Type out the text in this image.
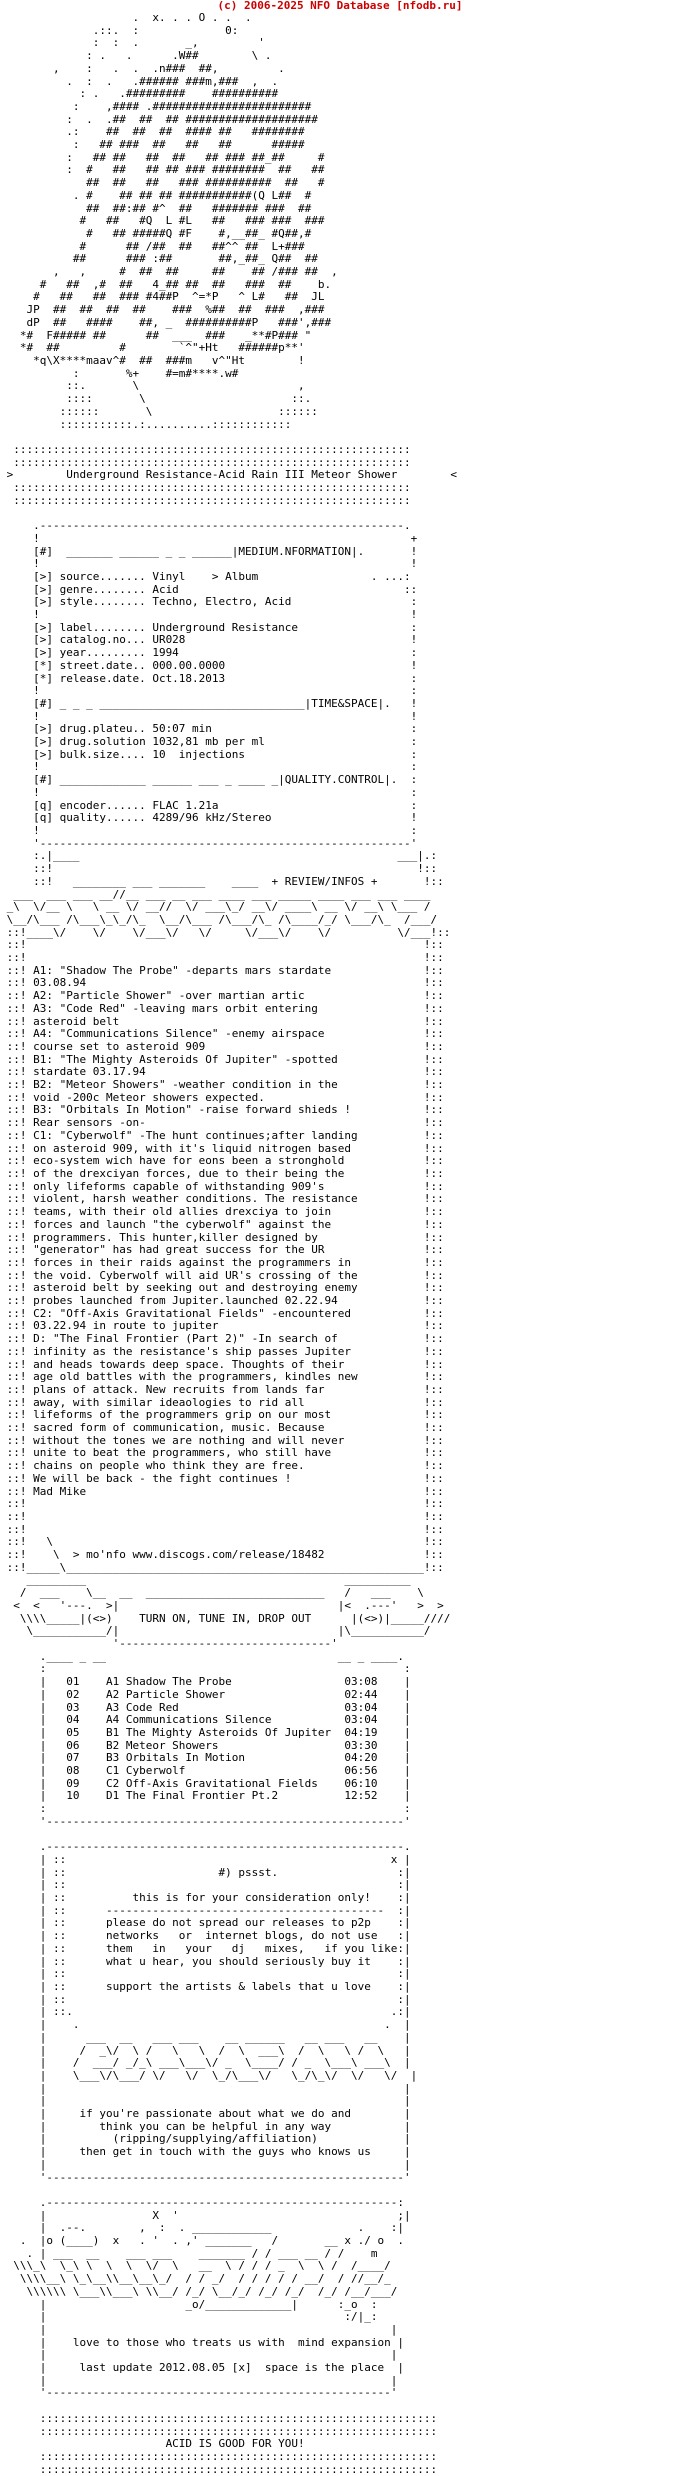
(c) 2006-2025 NFO Database [nfodb.ru]
.  x. . . O . .  .
.::.  :             0:
:  :  .       _,         '
: .   .      .W##        \ .
,    :   .  .  .n###  ##,         .
.  :  .   .###### ###m,###  ,  .
: .   .#########    ##########
:    ,#### .########################
:  .  .##  ##  ## ####################
.:    ##  ##  ##  #### ##   ########
:   ## ###  ##   ##   ##      #####
:   ## ##   ##  ##   ## ### ##_##     #
:  #   ##   ## ## ### ########  ##   ##
##  ##   ##   ### ##########  ##   #
. #    ## ## ## ###########(Q L##  #
##  ##:## #^  ##   ####### ###  ##
#   ##   #Q  L #L   ##   ### ###  ###
#   ## #####Q #F    #,__##_ #Q##,#
#      ## /##  ##   ##^^ ##  L+###
##      ### :##       ##,_##_ Q##  ##
,   ,     #  ##  ##     ##    ## /### ##  ,
#   ##  ,#  ##   4_## ##  ##   ###  ##    b.
#   ##   ##  ### #4##P  ^=*P   ^ L#   ##  JL
JP  ##  ##  ##  ##    ###  %##  ##  ###  ,###
dP  ##   ####    ##, _  ##########P   ###',###
*#  F##### ##      ##  ___  ###   _**#P### "
*#  ##         #        `^"+Ht   ######p**'
*q\X****maav^#  ##  ###m   v^"Ht        !
:       %+    #=m#****.w#
::.       \                        ,
::::       \                      ::.
::::::       \                   ::::::
:::::::::::.:..........::::::::::::

::::::::::::::::::::::::::::::::::::::::::::::::::::::::::::
::::::::::::::::::::::::::::::::::::::::::::::::::::::::::::
>        Underground Resistance-Acid Rain III Meteor Shower        <
::::::::::::::::::::::::::::::::::::::::::::::::::::::::::::
::::::::::::::::::::::::::::::::::::::::::::::::::::::::::::

.-------------------------------------------------------.
!                                                        +
[#]  _______ ______ _ _ ______|MEDIUM.NFORMATION|.       !
!                                                        !
[>] source....... Vinyl    > Album                 . ...:
[>] genre........ Acid                                  ::
[>] style........ Techno, Electro, Acid                  :
!                                                        !
[>] label........ Underground Resistance                 :
[>] catalog.no... UR028                                  !
[>] year......... 1994                                   :
[*] street.date.. 000.00.0000                            !
[*] release.date. Oct.18.2013                            :
!                                                        :
[#] _ _ _ _______________________________|TIME&SPACE|.   !
!                                                        !
[>] drug.plateu.. 50:07 min                              :
[>] drug.solution 1032,81 mb per ml                      :
[>] bulk.size.... 10  injections                         :
!                                                        :
[#] _____________ ______ ___ _ ____ _|QUALITY.CONTROL|.  :
!                                                        :
[q] encoder...... FLAC 1.21a                             :
[q] quality...... 4289/96 kHz/Stereo                     !
!                                                        :
'--------------------------------------------------------'
:.|____                                                ___|.:
::!                                                       !::
::!   ________ ___ _______    ____  + REVIEW/INFOS +       !::
___  ___ ___ __//__ ___ __ ___ ____ ___ _____ ____ ___ ___ ____
_\  \/__ \   \ __ \/ __//  \/ ___\_/ __\/ ____\ __ \/ __\ \___ /
\__/\___ /\___\_\_/\_  \__/\___ /\___/\_ /\____/_/ \___/\_  /___/
::!____\/    \/    \/___\/   \/     \/___\/    \/          \/___!::
::!                                                            !::
::!                                                            !::
::! A1: "Shadow The Probe" -departs mars stardate              !::
::! 03.08.94                                                   !::
::! A2: "Particle Shower" -over martian artic                  !::
::! A3: "Code Red" -leaving mars orbit entering                !::
::! asteroid belt                                              !::
::! A4: "Communications Silence" -enemy airspace               !::
::! course set to asteroid 909                                 !::
::! B1: "The Mighty Asteroids Of Jupiter" -spotted             !::
::! stardate 03.17.94                                          !::
::! B2: "Meteor Showers" -weather condition in the             !::
::! void -200c Meteor showers expected.                        !::
::! B3: "Orbitals In Motion" -raise forward shieds !           !::
::! Rear sensors -on-                                          !::
::! C1: "Cyberwolf" -The hunt continues;after landing          !::
::! on asteroid 909, with it's liquid nitrogen based           !::
::! eco-system wich have for eons been a stronghold            !::
::! of the drexciyan forces, due to their being the            !::
::! only lifeforms capable of withstanding 909's               !::
::! violent, harsh weather conditions. The resistance          !::
::! teams, with their old allies drexciya to join              !::
::! forces and launch "the cyberwolf" against the              !::
::! programmers. This hunter,killer designed by                !::
::! "generator" has had great success for the UR               !::
::! forces in their raids against the programmers in           !::
::! the void. Cyberwolf will aid UR's crossing of the          !::
::! asteroid belt by seeking out and destroying enemy          !::
::! probes launched from Jupiter.launched 02.22.94             !::
::! C2: "Off-Axis Gravitational Fields" -encountered           !::
::! 03.22.94 in route to jupiter                               !::
::! D: "The Final Frontier (Part 2)" -In search of             !::
::! infinity as the resistance's ship passes Jupiter           !::
::! and heads towards deep space. Thoughts of their            !::
::! age old battles with the programmers, kindles new          !::
::! plans of attack. New recruits from lands far               !::
::! away, with similar ideaologies to rid all                  !::
::! lifeforms of the programmers grip on our most              !::
::! sacred form of communication, music. Because               !::
::! without the tones we are nothing and will never            !::
::! unite to beat the programmers, who still have              !::
::! chains on people who think they are free.                  !::
::! We will be back - the fight continues !                    !::
::! Mad Mike                                                   !::
::!                                                            !::
::!                                                            !::
::!                                                            !::
::!   \                                                        !::
::!    \  > mo'nfo www.discogs.com/release/18482               !::
::!_____\______________________________________________________!::
_________                                       __________
/  ___    \__  __  ___________________________   /   ___    \
<  <   '---.  >|                                 |<  .---'   >  >
\\\\_____|(<>)    TURN ON, TUNE IN, DROP OUT      |(<>)|_____////
\___________/|                                 |\___________/
'--------------------------------'
.____ _ __                                   __ _ ____.
:                                                      :
|   01    A1 Shadow The Probe                 03:08    |
|   02    A2 Particle Shower                  02:44    |
|   03    A3 Code Red                         03:04    |
|   04    A4 Communications Silence           03:04    |
|   05    B1 The Mighty Asteroids Of Jupiter  04:19    |
|   06    B2 Meteor Showers                   03:30    |
|   07    B3 Orbitals In Motion               04:20    |
|   08    C1 Cyberwolf                        06:56    |
|   09    C2 Off-Axis Gravitational Fields    06:10    |
|   10    D1 The Final Frontier Pt.2          12:52    |
:                                                      :
'------------------------------------------------------'

.------------------------------------------------------.
| ::                                                 x |
| ::                       #) pssst.                  :|
| ::                                                  :|
| ::          this is for your consideration only!    :|
| ::      ------------------------------------------  :|
| ::      please do not spread our releases to p2p    :|
| ::      networks   or  internet blogs, do not use   :|
| ::      them   in   your   dj   mixes,   if you like:|
| ::      what u hear, you should seriously buy it    :|
| ::                                                  :|
| ::      support the artists & labels that u love    :|
| ::                                                  :|
| ::.                                                .:|
|    .                                              .  |
|      ___  __   ___ ___    __ ______   __ ___   __    |
|     /  _\/  \ /   \   \  /  \  ___\  /  \   \ /  \   |
|    /  ___/ _/_\ ___\___\/ _  \____/ / _  \___\ ___\  |
|    \___\/\___/ \/   \/  \_/\___\/   \_/\_\/  \/   \/  |
|                                                      |
|                                                      |
|     if you're passionate about what we do and        |
|        think you can be helpful in any way           |
|          (ripping/supplying/affiliation)             |
|     then get in touch with the guys who knows us     |
|                                                      |
'------------------------------------------------------'

.-----------------------------------------------------:
|                X  '                                 ;|
|  .--.        ,  :  . ____________             .    :|
.  |o (____)  x   . '  . ,' _______   /       __ x ./ o  .
. | ___  __    ___ ___    _______ / / ___ __ / /    m
\\\_\  \_\ \  \  \  \/  \   __  \ / / / _  \  \ /  /____/
\\\\__\ \_\__\\__\__\_/  / / _/  / / / / / __/  / //__/_
\\\\\\ \___\\___\ \\__/ /_/ \__/_/ /_/ /_/  /_/ /__/___/
|                     _o/_____________|      :_o  :
|                                             :/|_:
|                                                    |
|    love to those who treats us with  mind expansion |
|                                                    |
|     last update 2012.08.05 [x]  space is the place  |
|                                                    |
'----------------------------------------------------'

::::::::::::::::::::::::::::::::::::::::::::::::::::::::::::
::::::::::::::::::::::::::::::::::::::::::::::::::::::::::::
ACID IS GOOD FOR YOU!
::::::::::::::::::::::::::::::::::::::::::::::::::::::::::::
::::::::::::::::::::::::::::::::::::::::::::::::::::::::::::
